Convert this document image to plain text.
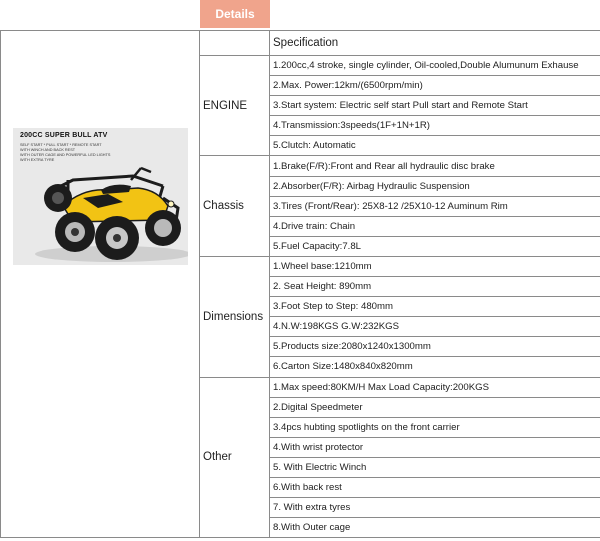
Details
200CC SUPER BULL ATV
SELF START * PULL START * REMOTE START
WITH WINCH AND BACK REST
WITH OUTER CAGE AND POWERFUL LED LIGHTS
WITH EXTRA TYRE		Specification
	ENGINE	1.200cc,4 stroke, single cylinder, Oil-cooled,Double Alumunum Exhause
		2.Max. Power:12km/(6500rpm/min)
		3.Start system: Electric self start Pull start and Remote Start
		4.Transmission:3speeds(1F+1N+1R)
		5.Clutch: Automatic
	Chassis	1.Brake(F/R):Front and Rear all hydraulic disc brake
		2.Absorber(F/R): Airbag Hydraulic Suspension
		3.Tires (Front/Rear): 25X8-12 /25X10-12 Auminum Rim
		4.Drive train: Chain
		5.Fuel Capacity:7.8L
	Dimensions	1.Wheel base:1210mm
		2. Seat Height: 890mm
		3.Foot Step to Step: 480mm
		4.N.W:198KGS G.W:232KGS
		5.Products size:2080x1240x1300mm
		6.Carton Size:1480x840x820mm
	Other	1.Max speed:80KM/H Max Load Capacity:200KGS
		2.Digital Speedmeter
		3.4pcs hubting spotlights on the front carrier
		4.With wrist protector
		5. With Electric Winch
		6.With back rest
		7. With extra tyres
		8.With Outer cage
